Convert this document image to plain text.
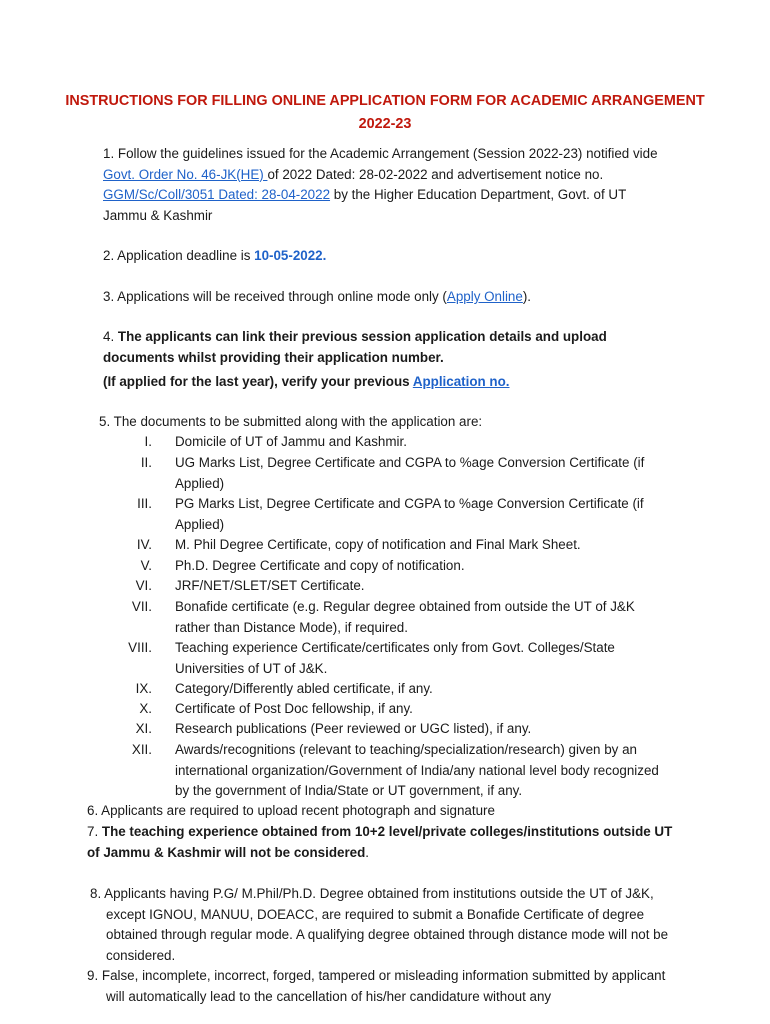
INSTRUCTIONS FOR FILLING ONLINE APPLICATION FORM FOR ACADEMIC ARRANGEMENT 2022-23
1. Follow the guidelines issued for the Academic Arrangement (Session 2022-23) notified vide Govt. Order No. 46-JK(HE) of 2022 Dated: 28-02-2022 and advertisement notice no. GGM/Sc/Coll/3051 Dated: 28-04-2022 by the Higher Education Department, Govt. of UT Jammu & Kashmir
2. Application deadline is 10-05-2022.
3. Applications will be received through online mode only (Apply Online).
4. The applicants can link their previous session application details and upload documents whilst providing their application number.
(If applied for the last year), verify your previous Application no.
5. The documents to be submitted along with the application are:
I. Domicile of UT of Jammu and Kashmir.
II. UG Marks List, Degree Certificate and CGPA to %age Conversion Certificate (if Applied)
III. PG Marks List, Degree Certificate and CGPA to %age Conversion Certificate (if Applied)
IV. M. Phil Degree Certificate, copy of notification and Final Mark Sheet.
V. Ph.D. Degree Certificate and copy of notification.
VI. JRF/NET/SLET/SET Certificate.
VII. Bonafide certificate (e.g. Regular degree obtained from outside the UT of J&K rather than Distance Mode), if required.
VIII. Teaching experience Certificate/certificates only from Govt. Colleges/State Universities of UT of J&K.
IX. Category/Differently abled certificate, if any.
X. Certificate of Post Doc fellowship, if any.
XI. Research publications (Peer reviewed or UGC listed), if any.
XII. Awards/recognitions (relevant to teaching/specialization/research) given by an international organization/Government of India/any national level body recognized by the government of India/State or UT government, if any.
6. Applicants are required to upload recent photograph and signature
7. The teaching experience obtained from 10+2 level/private colleges/institutions outside UT of Jammu & Kashmir will not be considered.
8. Applicants having P.G/ M.Phil/Ph.D. Degree obtained from institutions outside the UT of J&K, except IGNOU, MANUU, DOEACC, are required to submit a Bonafide Certificate of degree obtained through regular mode. A qualifying degree obtained through distance mode will not be considered.
9. False, incomplete, incorrect, forged, tampered or misleading information submitted by applicant will automatically lead to the cancellation of his/her candidature without any
